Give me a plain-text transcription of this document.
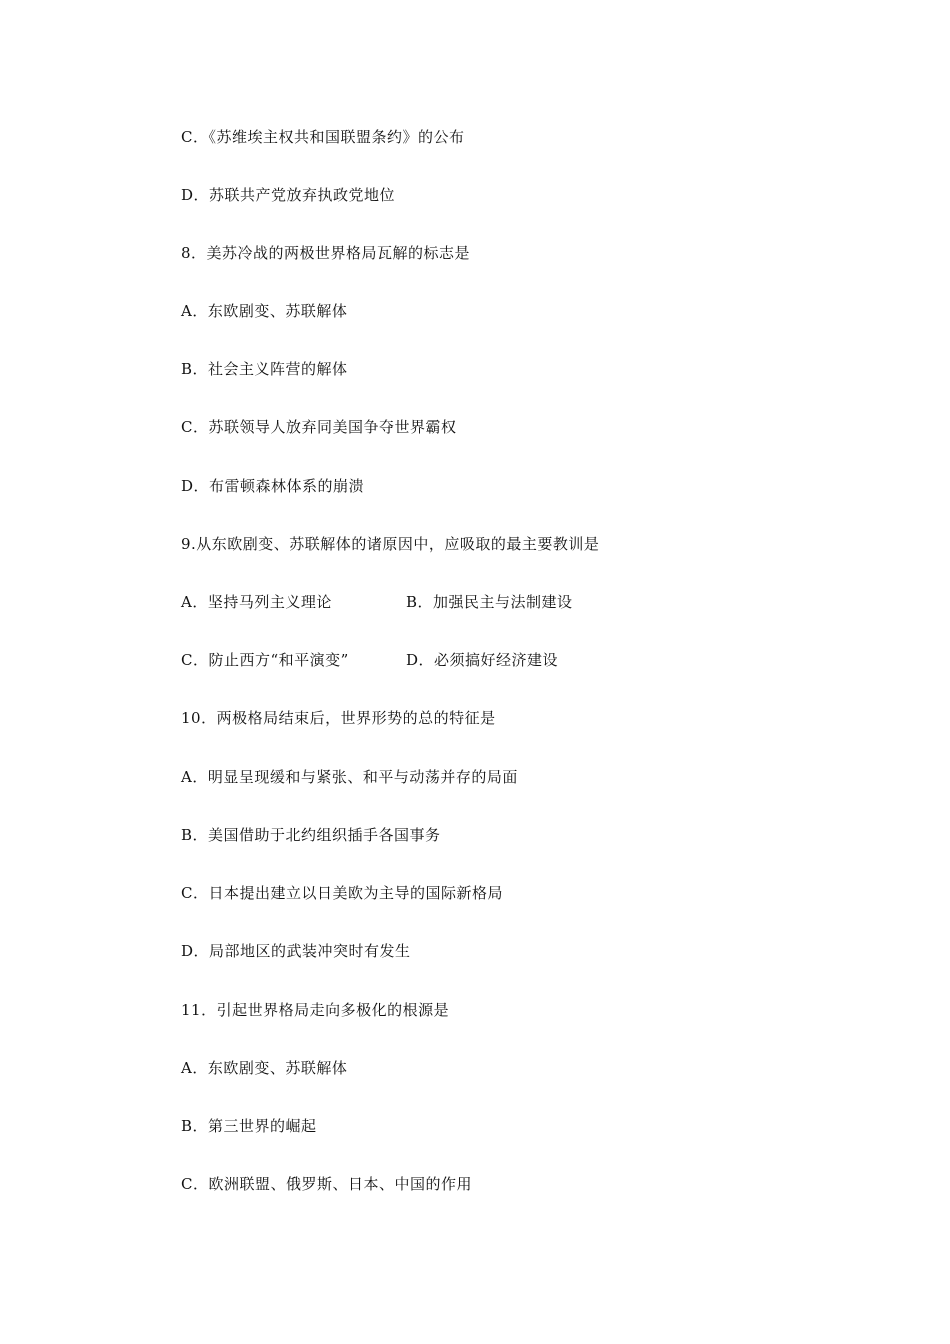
C．《苏维埃主权共和国联盟条约》的公布
D．苏联共产党放弃执政党地位
8．美苏冷战的两极世界格局瓦解的标志是
A．东欧剧变、苏联解体
B．社会主义阵营的解体
C．苏联领导人放弃同美国争夺世界霸权
D．布雷顿森林体系的崩溃
9.从东欧剧变、苏联解体的诸原因中，应吸取的最主要教训是
A．坚持马列主义理论	B．加强民主与法制建设
C．防止西方“和平演变”	D．必须搞好经济建设
10．两极格局结束后，世界形势的总的特征是
A．明显呈现缓和与紧张、和平与动荡并存的局面
B．美国借助于北约组织插手各国事务
C．日本提出建立以日美欧为主导的国际新格局
D．局部地区的武装冲突时有发生
11．引起世界格局走向多极化的根源是
A．东欧剧变、苏联解体
B．第三世界的崛起
C．欧洲联盟、俄罗斯、日本、中国的作用
